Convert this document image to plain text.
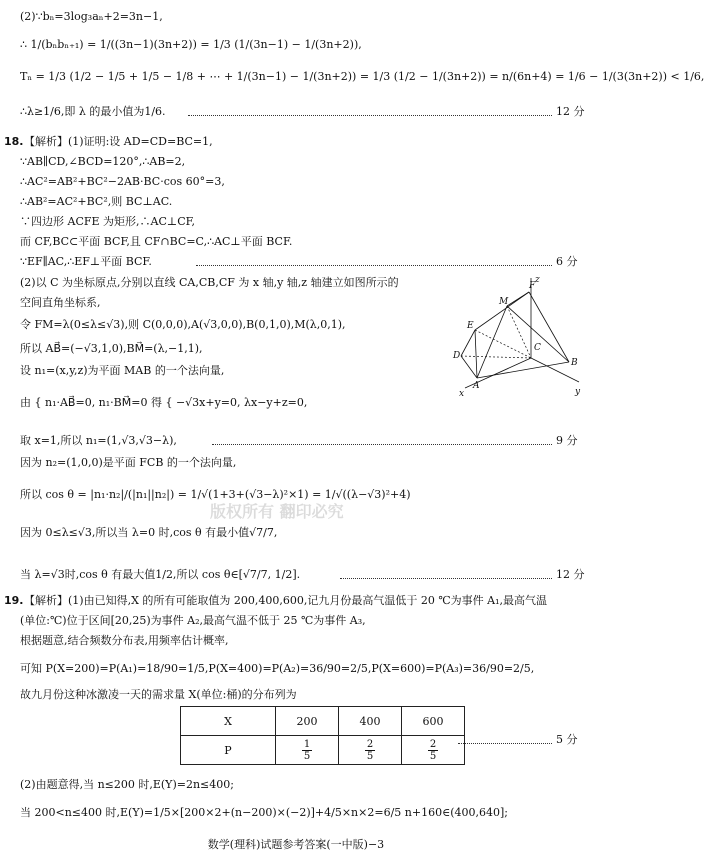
(2)∵bₙ=3log₃aₙ+2=3n−1,
∴ 1/(bₙbₙ₊₁) = 1/((3n−1)(3n+2)) = 1/3 (1/(3n−1) − 1/(3n+2)),
Tₙ = 1/3 (1/2 − 1/5 + 1/5 − 1/8 + ⋯ + 1/(3n−1) − 1/(3n+2)) = 1/3 (1/2 − 1/(3n+2)) = n/(6n+4) = 1/6 − 1/(3(3n+2)) < 1/6,
∴λ≥1/6,即 λ 的最小值为1/6.	12 分
18. 【解析】(1)证明:设 AD=CD=BC=1,
∵AB∥CD,∠BCD=120°,∴AB=2,
∴AC²=AB²+BC²−2AB·BC·cos 60°=3,
∴AB²=AC²+BC²,则 BC⊥AC.
∵四边形 ACFE 为矩形,∴AC⊥CF,
而 CF,BC⊂平面 BCF,且 CF∩BC=C,∴AC⊥平面 BCF.
∵EF∥AC,∴EF⊥平面 BCF.	6 分
(2)以 C 为坐标原点,分别以直线 CA,CB,CF 为 x 轴,y 轴,z 轴建立如图所示的
空间直角坐标系,
令 FM=λ(0≤λ≤√3),则 C(0,0,0),A(√3,0,0),B(0,1,0),M(λ,0,1),
所以 AB⃗=(−√3,1,0),BM⃗=(λ,−1,1),
设 n₁=(x,y,z)为平面 MAB 的一个法向量,
由 { n₁·AB⃗=0, n₁·BM⃗=0 得 { −√3x+y=0, λx−y+z=0,
取 x=1,所以 n₁=(1,√3,√3−λ),	9 分
因为 n₂=(1,0,0)是平面 FCB 的一个法向量,
所以 cos θ = |n₁·n₂|/(|n₁||n₂|) = 1/√(1+3+(√3−λ)²×1) = 1/√((λ−√3)²+4)
因为 0≤λ≤√3,所以当 λ=0 时,cos θ 有最小值√7/7,
当 λ=√3时,cos θ 有最大值1/2,所以 cos θ∈[√7/7, 1/2].	12 分
19. 【解析】(1)由已知得,X 的所有可能取值为 200,400,600,记九月份最高气温低于 20 ℃为事件 A₁,最高气温
(单位:℃)位于区间[20,25)为事件 A₂,最高气温不低于 25 ℃为事件 A₃,
根据题意,结合频数分布表,用频率估计概率,
可知 P(X=200)=P(A₁)=18/90=1/5,P(X=400)=P(A₂)=36/90=2/5,P(X=600)=P(A₃)=36/90=2/5,
故九月份这种冰激凌一天的需求量 X(单位:桶)的分布列为
(2)由题意得,当 n≤200 时,E(Y)=2n≤400;
当 200<n≤400 时,E(Y)=1/5×[200×2+(n−200)×(−2)]+4/5×n×2=6/5 n+160∈(400,640];
z
F
M
E
D
C
B
A
x	y
版权所有 翻印必究
X	200	400	600
P	$\frac{1}{5}$	$\frac{2}{5}$	$\frac{2}{5}$	5 分
数学(理科)试题参考答案(一中版)−3
